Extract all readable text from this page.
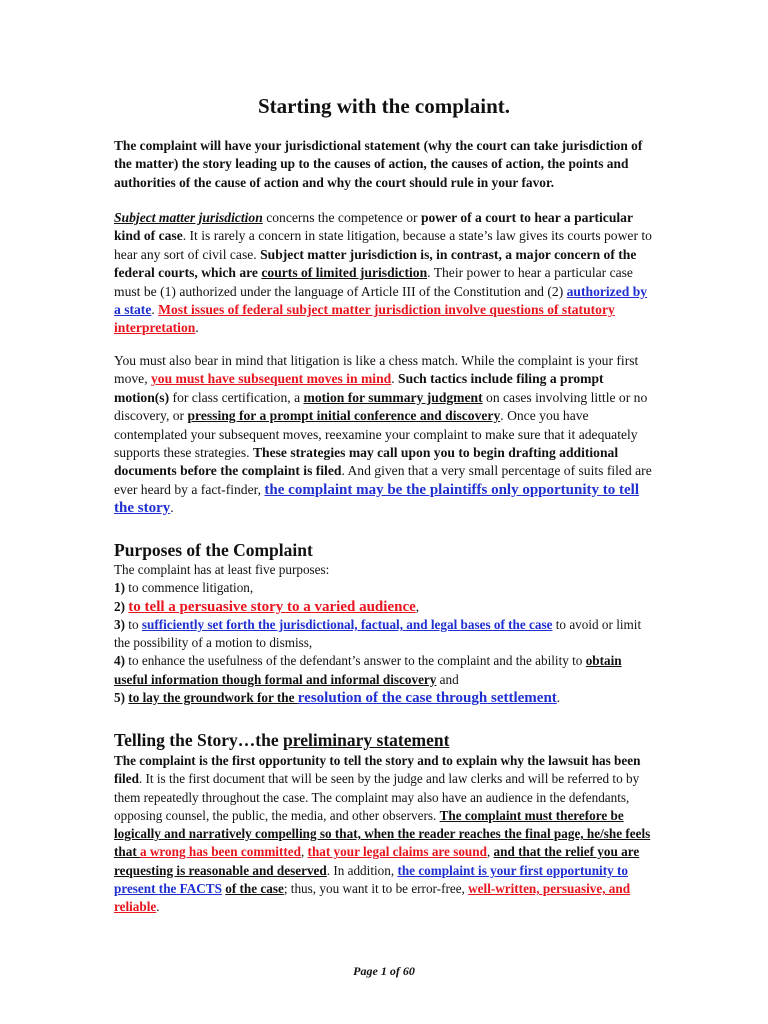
Starting with the complaint.

The complaint will have your jurisdictional statement (why the court can take jurisdiction of the matter) the story leading up to the causes of action, the causes of action, the points and authorities of the cause of action and why the court should rule in your favor.

Subject matter jurisdiction concerns the competence or power of a court to hear a particular kind of case. It is rarely a concern in state litigation, because a state’s law gives its courts power to hear any sort of civil case. Subject matter jurisdiction is, in contrast, a major concern of the federal courts, which are courts of limited jurisdiction. Their power to hear a particular case must be (1) authorized under the language of Article III of the Constitution and (2) authorized by a state. Most issues of federal subject matter jurisdiction involve questions of statutory interpretation.

You must also bear in mind that litigation is like a chess match. While the complaint is your first move, you must have subsequent moves in mind. Such tactics include filing a prompt motion(s) for class certification, a motion for summary judgment on cases involving little or no discovery, or pressing for a prompt initial conference and discovery. Once you have contemplated your subsequent moves, reexamine your complaint to make sure that it adequately supports these strategies. These strategies may call upon you to begin drafting additional documents before the complaint is filed. And given that a very small percentage of suits filed are ever heard by a fact-finder, the complaint may be the plaintiffs only opportunity to tell the story.

Purposes of the Complaint
The complaint has at least five purposes:
1) to commence litigation,
2) to tell a persuasive story to a varied audience,
3) to sufficiently set forth the jurisdictional, factual, and legal bases of the case to avoid or limit the possibility of a motion to dismiss,
4) to enhance the usefulness of the defendant’s answer to the complaint and the ability to obtain useful information though formal and informal discovery and
5) to lay the groundwork for the resolution of the case through settlement.
Telling the Story…the preliminary statement

The complaint is the first opportunity to tell the story and to explain why the lawsuit has been filed. It is the first document that will be seen by the judge and law clerks and will be referred to by them repeatedly throughout the case. The complaint may also have an audience in the defendants, opposing counsel, the public, the media, and other observers. The complaint must therefore be logically and narratively compelling so that, when the reader reaches the final page, he/she feels that a wrong has been committed, that your legal claims are sound, and that the relief you are requesting is reasonable and deserved. In addition, the complaint is your first opportunity to present the FACTS of the case; thus, you want it to be error-free, well-written, persuasive, and reliable.

Page 1 of 60
